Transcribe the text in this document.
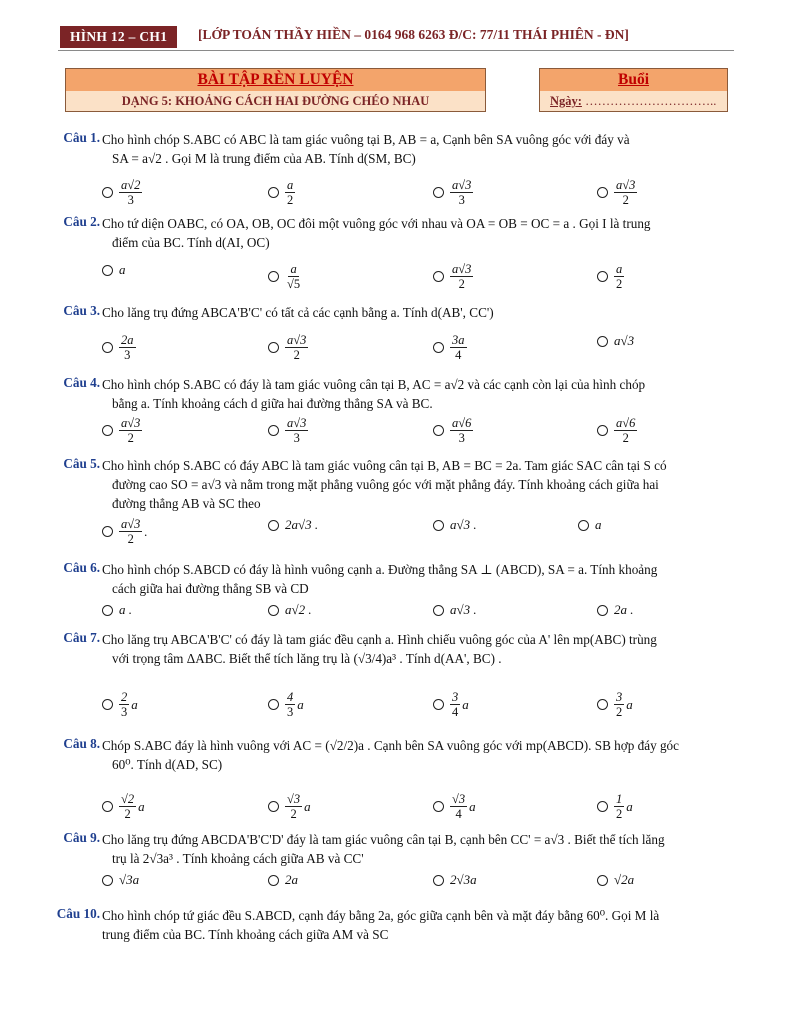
HÌNH 12 – CH1	[LỚP TOÁN THẦY HIỀN – 0164 968 6263 Đ/C: 77/11 THÁI PHIÊN - ĐN]
BÀI TẬP RÈN LUYỆN
DẠNG 5: KHOẢNG CÁCH HAI ĐƯỜNG CHÉO NHAU
Buổi
Ngày: …………………………..
Câu 1. Cho hình chóp S.ABC có ABC là tam giác vuông tại B, AB = a, Cạnh bên SA vuông góc với đáy và
SA = a√2 . Gọi M là trung điểm của AB. Tính d(SM, BC)
$\frac{a√2}{3}$	$\frac{a}{2}$	$\frac{a√3}{3}$	$\frac{a√3}{2}$
Câu 2. Cho tứ diện OABC, có OA, OB, OC đôi một vuông góc với nhau và OA = OB = OC = a . Gọi I là trung
điểm của BC. Tính d(AI, OC)
a	$\frac{a}{√5}$	$\frac{a√3}{2}$	$\frac{a}{2}$
Câu 3. Cho lăng trụ đứng ABCA'B'C' có tất cả các cạnh bằng a. Tính d(AB', CC')
$\frac{2a}{3}$	$\frac{a√3}{2}$	$\frac{3a}{4}$	a√3
Câu 4. Cho hình chóp S.ABC có đáy là tam giác vuông cân tại B, AC = a√2 và các cạnh còn lại của hình chóp
bằng a. Tính khoảng cách d giữa hai đường thẳng SA và BC.
$\frac{a√3}{2}$	$\frac{a√3}{3}$	$\frac{a√6}{3}$	$\frac{a√6}{2}$
Câu 5. Cho hình chóp S.ABC có đáy ABC là tam giác vuông cân tại B, AB = BC = 2a. Tam giác SAC cân tại S có
đường cao SO = a√3 và nằm trong mặt phẳng vuông góc với mặt phẳng đáy. Tính khoảng cách giữa hai
đường thẳng AB và SC theo
$\frac{a√3}{2}$ .	2a√3 .	a√3 .	a
Câu 6. Cho hình chóp S.ABCD có đáy là hình vuông cạnh a. Đường thẳng SA ⊥ (ABCD), SA = a. Tính khoảng
cách giữa hai đường thẳng SB và CD
a .	a√2 .	a√3 .	2a .
Câu 7. Cho lăng trụ ABCA'B'C' có đáy là tam giác đều cạnh a. Hình chiếu vuông góc của A' lên mp(ABC) trùng
với trọng tâm ΔABC. Biết thể tích lăng trụ là (√3/4)a³ . Tính d(AA', BC) .
$\frac{2}{3}$ a	$\frac{4}{3}$ a	$\frac{3}{4}$ a	$\frac{3}{2}$ a
Câu 8. Chóp S.ABC đáy là hình vuông với AC = (√2/2)a . Cạnh bên SA vuông góc với mp(ABCD). SB hợp đáy góc
60⁰. Tính d(AD, SC)
$\frac{√2}{2}$ a	$\frac{√3}{2}$ a	$\frac{√3}{4}$ a	$\frac{1}{2}$ a
Câu 9. Cho lăng trụ đứng ABCDA'B'C'D' đáy là tam giác vuông cân tại B, cạnh bên CC' = a√3 . Biết thể tích lăng
trụ là 2√3a³ . Tính khoảng cách giữa AB và CC'
√3a	2a	2√3a	√2a
Câu 10. Cho hình chóp tứ giác đều S.ABCD, cạnh đáy bằng 2a, góc giữa cạnh bên và mặt đáy bằng 60⁰. Gọi M là
trung điểm của BC. Tính khoảng cách giữa AM và SC
